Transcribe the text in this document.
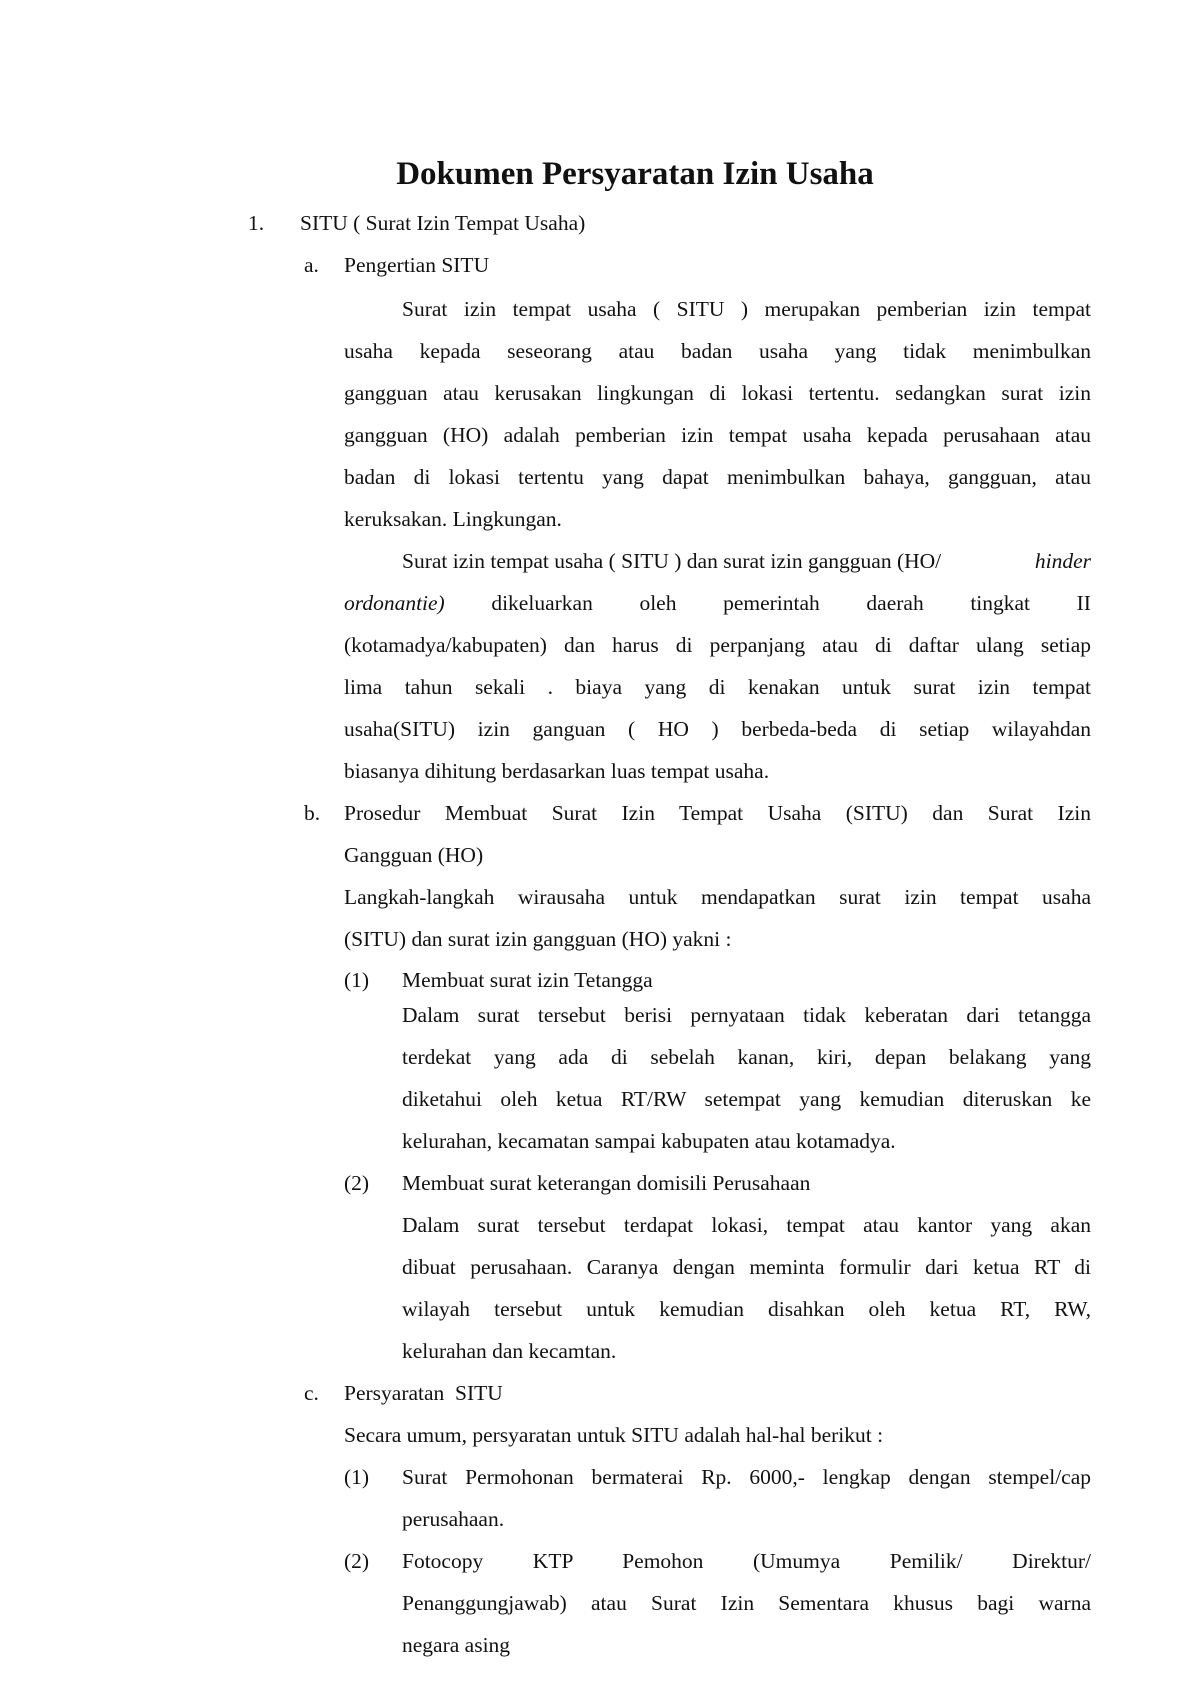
Dokumen Persyaratan Izin Usaha
1. SITU ( Surat Izin Tempat Usaha)
a. Pengertian SITU
Surat izin tempat usaha ( SITU ) merupakan pemberian izin tempat
usaha kepada seseorang atau badan usaha yang tidak menimbulkan
gangguan atau kerusakan lingkungan di lokasi tertentu. sedangkan surat izin
gangguan (HO) adalah pemberian izin tempat usaha kepada perusahaan atau
badan di lokasi tertentu yang dapat menimbulkan bahaya, gangguan, atau
keruksakan. Lingkungan.
Surat izin tempat usaha ( SITU ) dan surat izin gangguan (HO/	hinder
ordonantie) dikeluarkan oleh pemerintah daerah tingkat II
(kotamadya/kabupaten) dan harus di perpanjang atau di daftar ulang setiap
lima tahun sekali . biaya yang di kenakan untuk surat izin tempat
usaha(SITU) izin ganguan ( HO ) berbeda-beda di setiap wilayahdan
biasanya dihitung berdasarkan luas tempat usaha.
b. Prosedur Membuat Surat Izin Tempat Usaha (SITU) dan Surat Izin
Gangguan (HO)
Langkah-langkah wirausaha untuk mendapatkan surat izin tempat usaha
(SITU) dan surat izin gangguan (HO) yakni :
(1) Membuat surat izin Tetangga
Dalam surat tersebut berisi pernyataan tidak keberatan dari tetangga
terdekat yang ada di sebelah kanan, kiri, depan belakang yang
diketahui oleh ketua RT/RW setempat yang kemudian diteruskan ke
kelurahan, kecamatan sampai kabupaten atau kotamadya.
(2) Membuat surat keterangan domisili Perusahaan
Dalam surat tersebut terdapat lokasi, tempat atau kantor yang akan
dibuat perusahaan. Caranya dengan meminta formulir dari ketua RT di
wilayah tersebut untuk kemudian disahkan oleh ketua RT, RW,
kelurahan dan kecamtan.
c. Persyaratan  SITU
Secara umum, persyaratan untuk SITU adalah hal-hal berikut :
(1) Surat Permohonan bermaterai Rp. 6000,- lengkap dengan stempel/cap
perusahaan.
(2) Fotocopy KTP Pemohon (Umumya Pemilik/ Direktur/
Penanggungjawab) atau Surat Izin Sementara khusus bagi warna
negara asing
